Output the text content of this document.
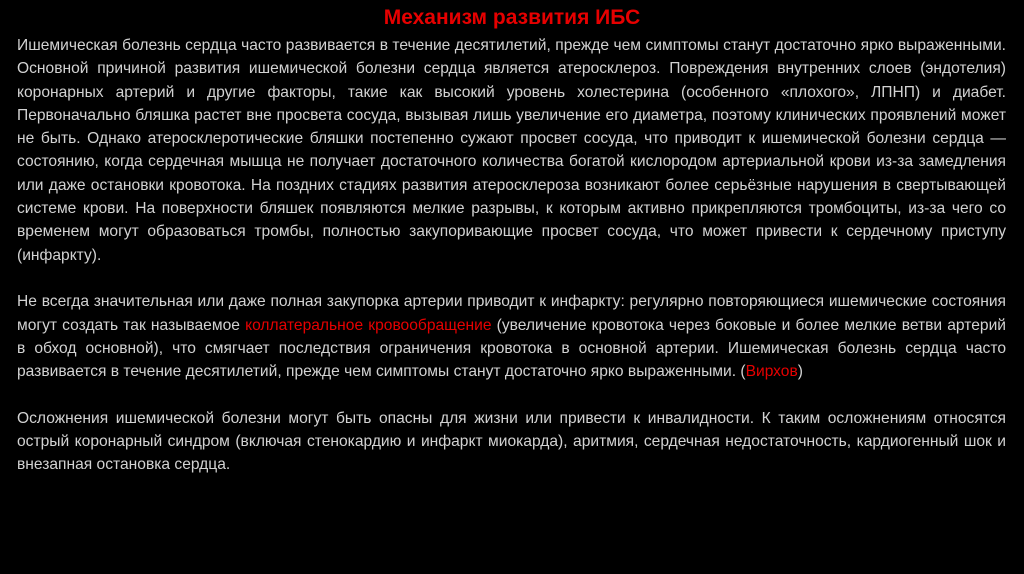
Механизм развития ИБС

Ишемическая болезнь сердца часто развивается в течение десятилетий, прежде чем симптомы станут достаточно ярко выраженными. Основной причиной развития ишемической болезни сердца является атеросклероз. Повреждения внутренних слоев (эндотелия) коронарных артерий и другие факторы, такие как высокий уровень холестерина (особенного «плохого», ЛПНП) и диабет. Первоначально бляшка растет вне просвета сосуда, вызывая лишь увеличение его диаметра, поэтому клинических проявлений может не быть. Однако атеросклеротические бляшки постепенно сужают просвет сосуда, что приводит к ишемической болезни сердца — состоянию, когда сердечная мышца не получает достаточного количества богатой кислородом артериальной крови из-за замедления или даже остановки кровотока. На поздних стадиях развития атеросклероза возникают более серьёзные нарушения в свертывающей системе крови. На поверхности бляшек появляются мелкие разрывы, к которым активно прикрепляются тромбоциты, из-за чего со временем могут образоваться тромбы, полностью закупоривающие просвет сосуда, что может привести к сердечному приступу (инфаркту).

Не всегда значительная или даже полная закупорка артерии приводит к инфаркту: регулярно повторяющиеся ишемические состояния могут создать так называемое коллатеральное кровообращение (увеличение кровотока через боковые и более мелкие ветви артерий в обход основной), что смягчает последствия ограничения кровотока в основной артерии. Ишемическая болезнь сердца часто развивается в течение десятилетий, прежде чем симптомы станут достаточно ярко выраженными. (Вирхов)

Осложнения ишемической болезни могут быть опасны для жизни или привести к инвалидности. К таким осложнениям относятся острый коронарный синдром (включая стенокардию и инфаркт миокарда), аритмия, сердечная недостаточность, кардиогенный шок и внезапная остановка сердца.
